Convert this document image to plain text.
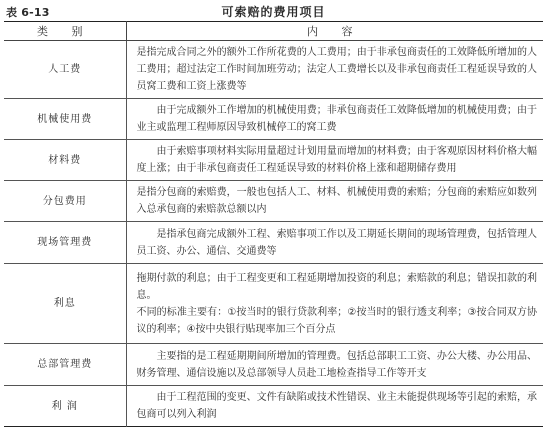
表 6-13	可索赔的费用项目
类 别	内 容
人工费	是指完成合同之外的额外工作所花费的人工费用；由于非承包商责任的工效降低所增加的人工费用；超过法定工作时间加班劳动；法定人工费增长以及非承包商责任工程延误导致的人员窝工费和工资上涨费等

机械使用费	由于完成额外工作增加的机械使用费；非承包商责任工效降低增加的机械使用费；由于业主或监理工程师原因导致机械停工的窝工费

材料费	由于索赔事项材料实际用量超过计划用量而增加的材料费；由于客观原因材料价格大幅度上涨；由于非承包商责任工程延误导致的材料价格上涨和超期储存费用

分包费用	是指分包商的索赔费，一般也包括人工、材料、机械使用费的索赔；分包商的索赔应如数列入总承包商的索赔款总额以内

现场管理费	是指承包商完成额外工程、索赔事项工作以及工期延长期间的现场管理费，包括管理人员工资、办公、通信、交通费等

利息	拖期付款的利息；由于工程变更和工程延期增加投资的利息；索赔款的利息；错误扣款的利息。

不同的标准主要有：①按当时的银行贷款利率；②按当时的银行透支利率；③按合同双方协议的利率；④按中央银行贴现率加三个百分点

总部管理费	主要指的是工程延期期间所增加的管理费。包括总部职工工资、办公大楼、办公用品、财务管理、通信设施以及总部领导人员赴工地检查指导工作等开支

利 润	由于工程范围的变更、文件有缺陷或技术性错误、业主未能提供现场等引起的索赔，承包商可以列入利润
